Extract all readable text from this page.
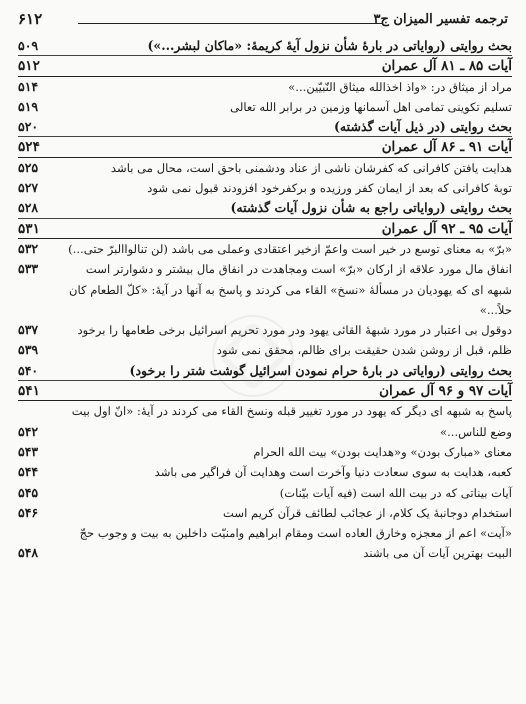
ترجمه تفسیر المیزان ج۳
۶۱۲
بحث روایتی (روایاتی در بارهٔ شأن نزول آیهٔ کریمهٔ: «ماکان لبشر...»)
۵۰۹
آیات ۸۵ ـ ۸۱ آل عمران
۵۱۲
مراد از میثاق در: «واذ اخذالله میثاق النّبیّین...»
۵۱۴
تسلیم تکوینی تمامی اهل آسمانها وزمین در برابر الله تعالی
۵۱۹
بحث روایتی (در ذیل آیات گذشته)
۵۲۰
آیات ۹۱ ـ ۸۶ آل عمران
۵۲۴
هدایت یافتن کافرانی که کفرشان ناشی از عناد ودشمنی باحق است، محال می باشد
۵۲۵
توبهٔ کافرانی که بعد از ایمان کفر ورزیده و برکفرخود افزودند قبول نمی شود
۵۲۷
بحث روایتی (روایاتی راجع به شأن نزول آیات گذشته)
۵۲۸
آیات ۹۵ ـ ۹۲ آل عمران
۵۳۱
«برّ» به معنای توسع در خیر است واعمّ ازخیر اعتقادی وعملی می باشد (لن تنالواالبرّ حتی...)
۵۳۲
انفاق مال مورد علاقه از ارکان «برّ» است ومجاهدت در انفاق مال بیشتر و دشوارتر است
۵۳۳
شبهه ای که یهودیان در مسألهٔ «نسخ» القاء می کردند و پاسخ به آنها در آیهٔ: «کلّ الطعام کان حلاً...»
دوقول بی اعتبار در مورد شبههٔ القائی یهود ودر مورد تحریم اسرائیل برخی طعامها را برخود
۵۳۷
ظلم، قبل از روشن شدن حقیقت برای ظالم، محقق نمی شود
۵۳۹
بحث روایتی (روایاتی در بارهٔ حرام نمودن اسرائیل گوشت شتر را برخود)
۵۴۰
آیات ۹۷ و ۹۶ آل عمران
۵۴۱
پاسخ به شبهه ای دیگر که یهود در مورد تغییر قبله ونسخ القاء می کردند در آیهٔ: «انّ اول بیت وضع للناس...»
۵۴۲
معنای «مبارک بودن» و«هدایت بودن» بیت الله الحرام
۵۴۳
کعبه، هدایت به سوی سعادت دنیا وآخرت است وهدایت آن فراگیر می باشد
۵۴۴
آیات بیناتی که در بیت الله است (فیه آیات بیّنات)
۵۴۵
استخدام دوجانبهٔ یک کلام، از عجائب لطائف قرآن کریم است
۵۴۶
«آیت» اعم از معجزه وخارق العاده است ومقام ابراهیم وامنیّت داخلین به بیت و وجوب حجّ البیت بهترین آیات آن می باشند
۵۴۸
